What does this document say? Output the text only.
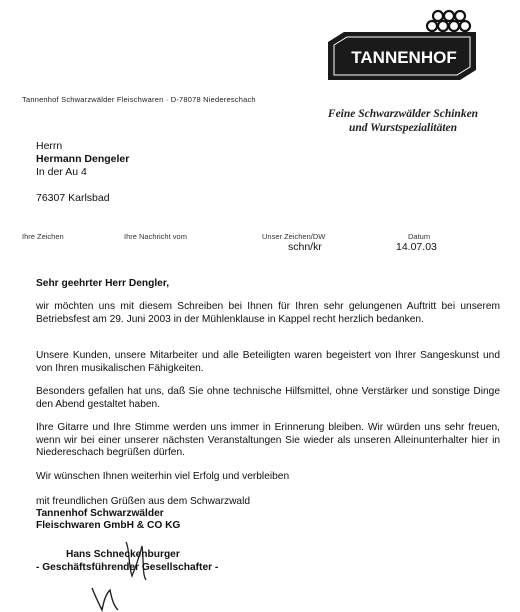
TANNENHOF
Tannenhof Schwarzwälder Fleischwaren · D-78078 Niedereschach
Feine Schwarzwälder Schinken
und Wurstspezialitäten
Herrn
Hermann Dengeler
In der Au 4
76307 Karlsbad
Ihre Zeichen	Ihre Nachricht vom	Unser Zeichen/DW
schn/kr
Datum
14.07.03
Sehr geehrter Herr Dengler,
wir möchten uns mit diesem Schreiben bei Ihnen für Ihren sehr gelungenen Auftritt bei unserem Betriebsfest am 29. Juni 2003 in der Mühlenklause in Kappel recht herzlich bedanken.
Unsere Kunden, unsere Mitarbeiter und alle Beteiligten waren begeistert von Ihrer Sangeskunst und von Ihren musikalischen Fähigkeiten.
Besonders gefallen hat uns, daß Sie ohne technische Hilfsmittel, ohne Verstärker und sonstige Dinge den Abend gestaltet haben.
Ihre Gitarre und Ihre Stimme werden uns immer in Erinnerung bleiben. Wir würden uns sehr freuen, wenn wir bei einer unserer nächsten Veranstaltungen Sie wieder als unseren Alleinunterhalter hier in Niedereschach begrüßen dürfen.
Wir wünschen Ihnen weiterhin viel Erfolg und verbleiben
mit freundlichen Grüßen aus dem Schwarzwald
Tannenhof Schwarzwälder
Fleischwaren GmbH & CO KG
Hans Schneckenburger
- Geschäftsführender Gesellschafter -
